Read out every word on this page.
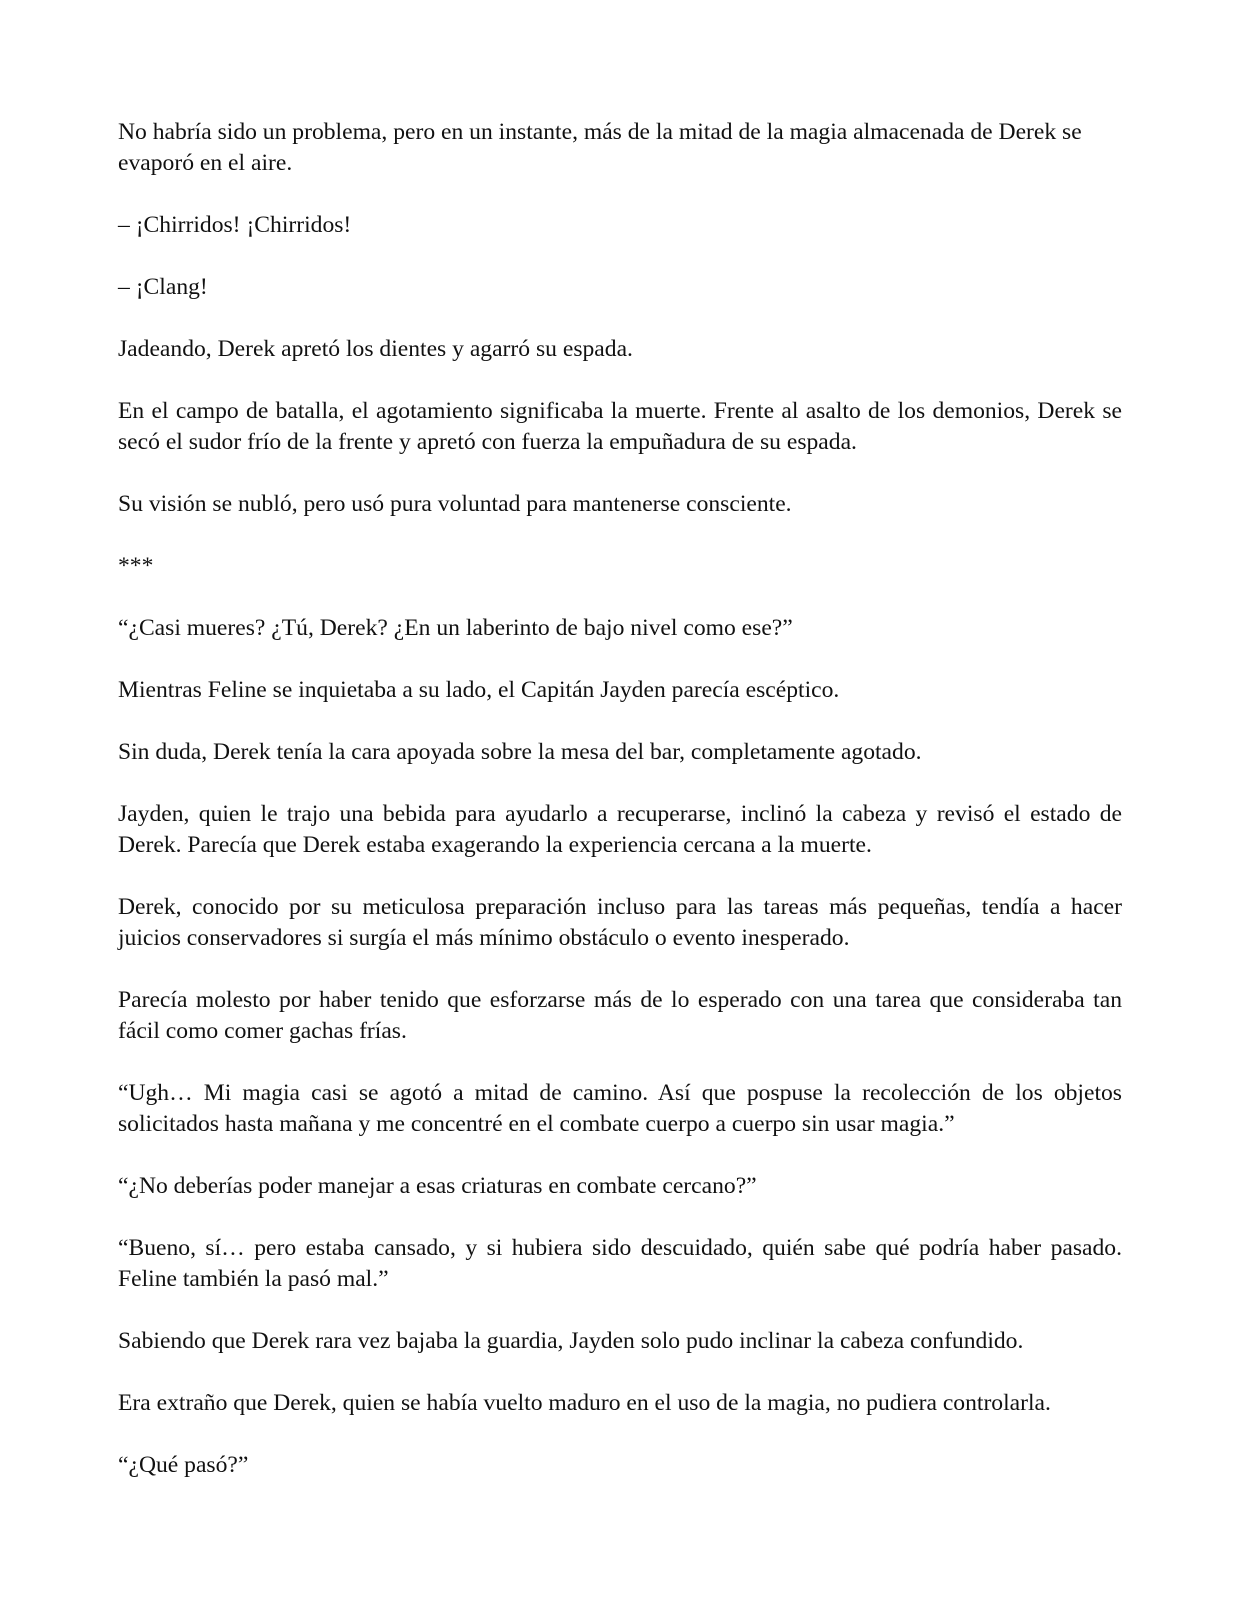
No habría sido un problema, pero en un instante, más de la mitad de la magia almacenada de Derek se evaporó en el aire.

– ¡Chirridos! ¡Chirridos!

– ¡Clang!

Jadeando, Derek apretó los dientes y agarró su espada.

En el campo de batalla, el agotamiento significaba la muerte. Frente al asalto de los demonios, Derek se secó el sudor frío de la frente y apretó con fuerza la empuñadura de su espada.

Su visión se nubló, pero usó pura voluntad para mantenerse consciente.

***

“¿Casi mueres? ¿Tú, Derek? ¿En un laberinto de bajo nivel como ese?”

Mientras Feline se inquietaba a su lado, el Capitán Jayden parecía escéptico.

Sin duda, Derek tenía la cara apoyada sobre la mesa del bar, completamente agotado.

Jayden, quien le trajo una bebida para ayudarlo a recuperarse, inclinó la cabeza y revisó el estado de Derek. Parecía que Derek estaba exagerando la experiencia cercana a la muerte.

Derek, conocido por su meticulosa preparación incluso para las tareas más pequeñas, tendía a hacer juicios conservadores si surgía el más mínimo obstáculo o evento inesperado.

Parecía molesto por haber tenido que esforzarse más de lo esperado con una tarea que consideraba tan fácil como comer gachas frías.

“Ugh… Mi magia casi se agotó a mitad de camino. Así que pospuse la recolección de los objetos solicitados hasta mañana y me concentré en el combate cuerpo a cuerpo sin usar magia.”

“¿No deberías poder manejar a esas criaturas en combate cercano?”

“Bueno, sí… pero estaba cansado, y si hubiera sido descuidado, quién sabe qué podría haber pasado. Feline también la pasó mal.”

Sabiendo que Derek rara vez bajaba la guardia, Jayden solo pudo inclinar la cabeza confundido.

Era extraño que Derek, quien se había vuelto maduro en el uso de la magia, no pudiera controlarla.

“¿Qué pasó?”
